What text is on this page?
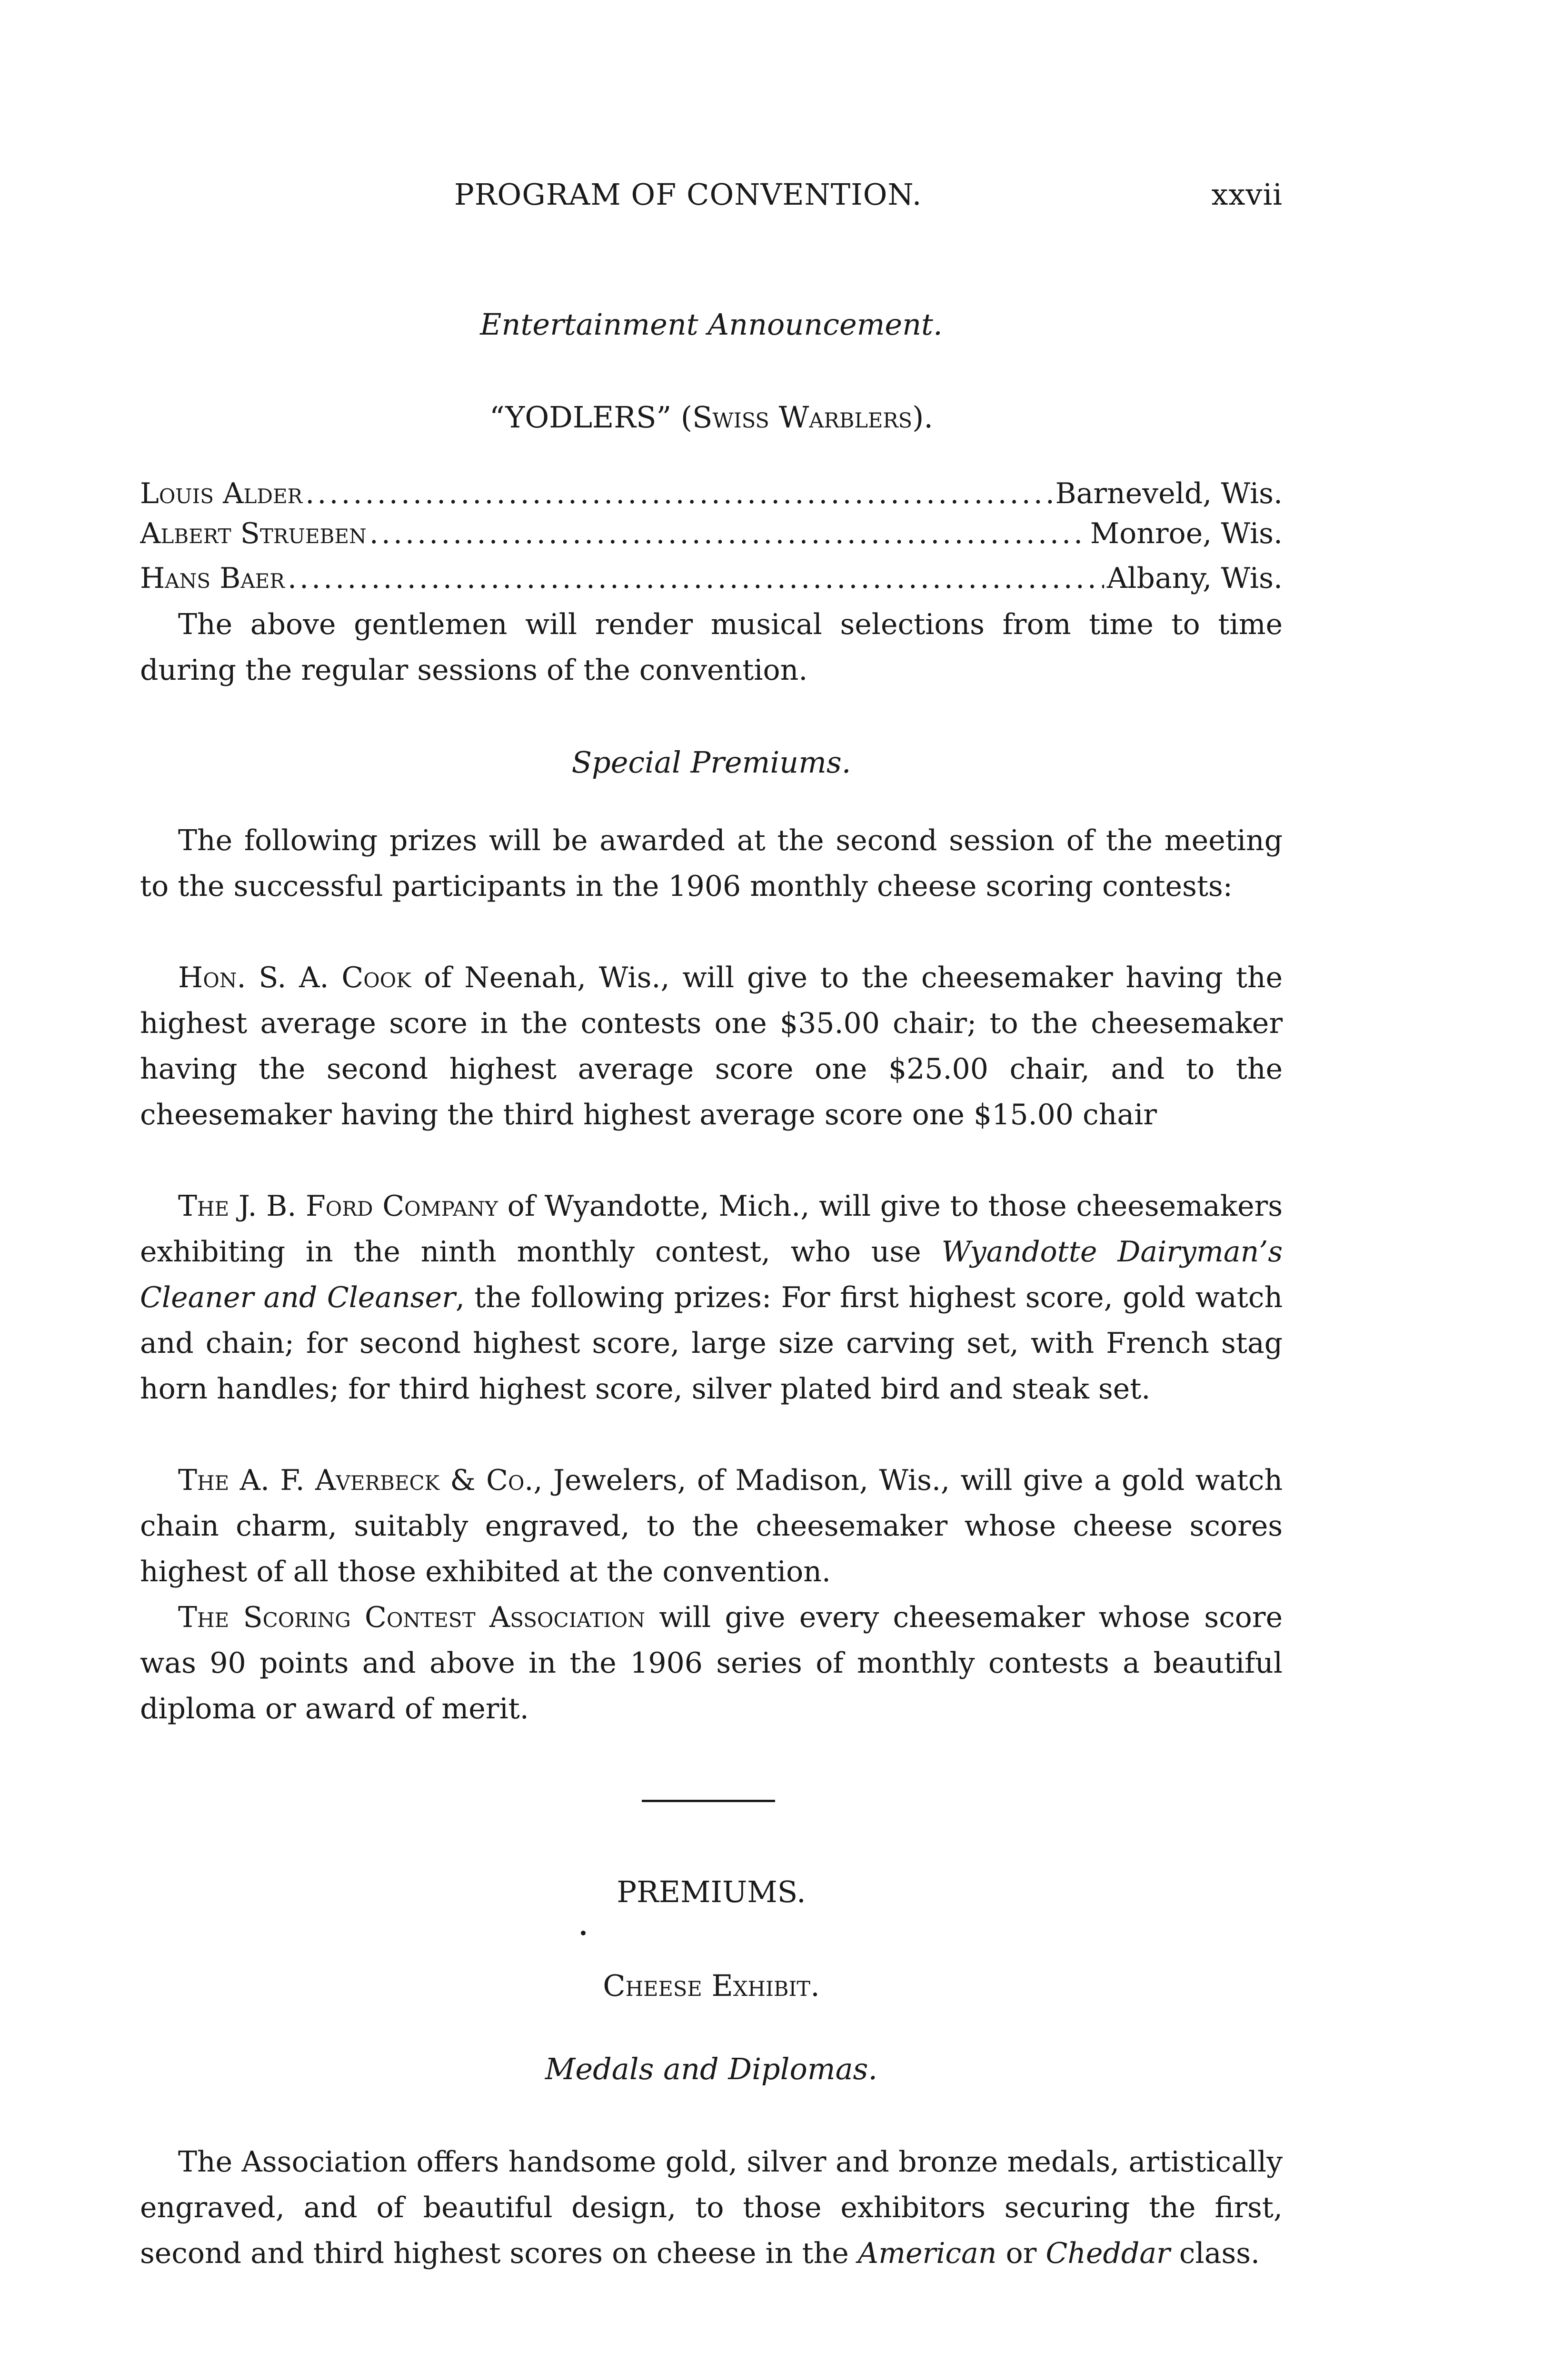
PROGRAM OF CONVENTION.	xxvii
Entertainment Announcement.
“YODLERS” (Swiss Warblers).
Louis Alder .....	Barneveld, Wis.
Albert Strueben .....	Monroe, Wis.
Hans Baer .....	Albany, Wis.

The above gentlemen will render musical selections from time to time during the regular sessions of the convention.

Special Premiums.

The following prizes will be awarded at the second session of the meeting to the successful participants in the 1906 monthly cheese scoring contests:

Hon. S. A. Cook of Neenah, Wis., will give to the cheesemaker having the highest average score in the contests one $35.00 chair; to the cheesemaker having the second highest average score one $25.00 chair, and to the cheesemaker having the third highest average score one $15.00 chair

The J. B. Ford Company of Wyandotte, Mich., will give to those cheesemakers exhibiting in the ninth monthly contest, who use Wyandotte Dairyman’s Cleaner and Cleanser, the following prizes: For first highest score, gold watch and chain; for second highest score, large size carving set, with French stag horn handles; for third highest score, silver plated bird and steak set.

The A. F. Averbeck & Co., Jewelers, of Madison, Wis., will give a gold watch chain charm, suitably engraved, to the cheesemaker whose cheese scores highest of all those exhibited at the convention.

The Scoring Contest Association will give every cheesemaker whose score was 90 points and above in the 1906 series of monthly contests a beautiful diploma or award of merit.

PREMIUMS.
Cheese Exhibit.
Medals and Diplomas.

The Association offers handsome gold, silver and bronze medals, artistically engraved, and of beautiful design, to those exhibitors securing the first, second and third highest scores on cheese in the American or Cheddar class.
